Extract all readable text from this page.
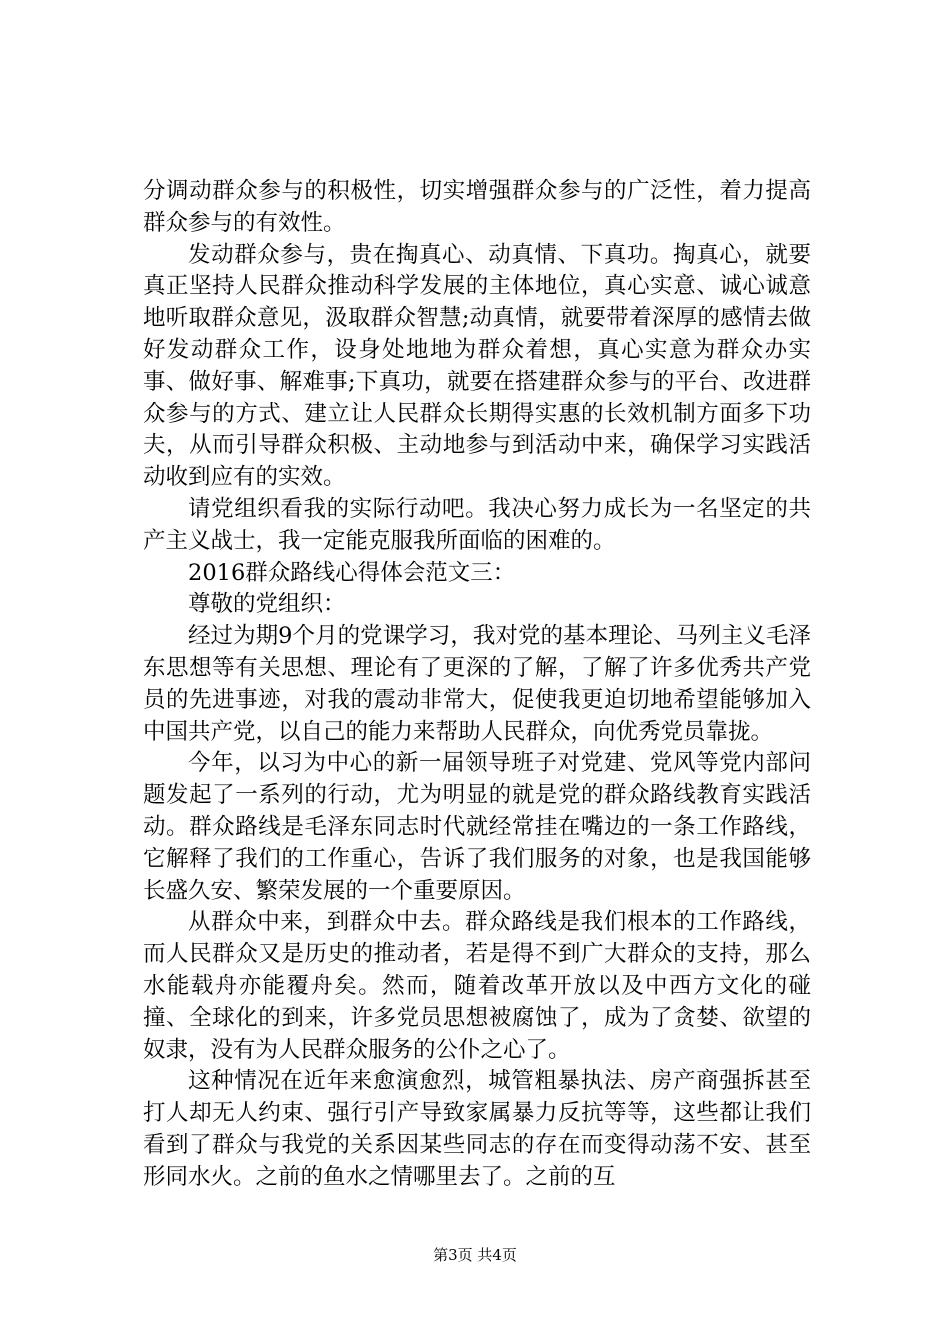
分调动群众参与的积极性，切实增强群众参与的广泛性，着力提高群众参与的有效性。

发动群众参与，贵在掏真心、动真情、下真功。掏真心，就要真正坚持人民群众推动科学发展的主体地位，真心实意、诚心诚意地听取群众意见，汲取群众智慧;动真情，就要带着深厚的感情去做好发动群众工作，设身处地地为群众着想，真心实意为群众办实事、做好事、解难事;下真功，就要在搭建群众参与的平台、改进群众参与的方式、建立让人民群众长期得实惠的长效机制方面多下功夫，从而引导群众积极、主动地参与到活动中来，确保学习实践活动收到应有的实效。

请党组织看我的实际行动吧。我决心努力成长为一名坚定的共产主义战士，我一定能克服我所面临的困难的。

2016群众路线心得体会范文三：

尊敬的党组织：

经过为期9个月的党课学习，我对党的基本理论、马列主义毛泽东思想等有关思想、理论有了更深的了解，了解了许多优秀共产党员的先进事迹，对我的震动非常大，促使我更迫切地希望能够加入中国共产党，以自己的能力来帮助人民群众，向优秀党员靠拢。

今年，以习为中心的新一届领导班子对党建、党风等党内部问题发起了一系列的行动，尤为明显的就是党的群众路线教育实践活动。群众路线是毛泽东同志时代就经常挂在嘴边的一条工作路线，它解释了我们的工作重心，告诉了我们服务的对象，也是我国能够长盛久安、繁荣发展的一个重要原因。

从群众中来，到群众中去。群众路线是我们根本的工作路线，而人民群众又是历史的推动者，若是得不到广大群众的支持，那么水能载舟亦能覆舟矣。然而，随着改革开放以及中西方文化的碰撞、全球化的到来，许多党员思想被腐蚀了，成为了贪婪、欲望的奴隶，没有为人民群众服务的公仆之心了。

这种情况在近年来愈演愈烈，城管粗暴执法、房产商强拆甚至打人却无人约束、强行引产导致家属暴力反抗等等，这些都让我们看到了群众与我党的关系因某些同志的存在而变得动荡不安、甚至形同水火。之前的鱼水之情哪里去了。之前的互

第3页 共4页
